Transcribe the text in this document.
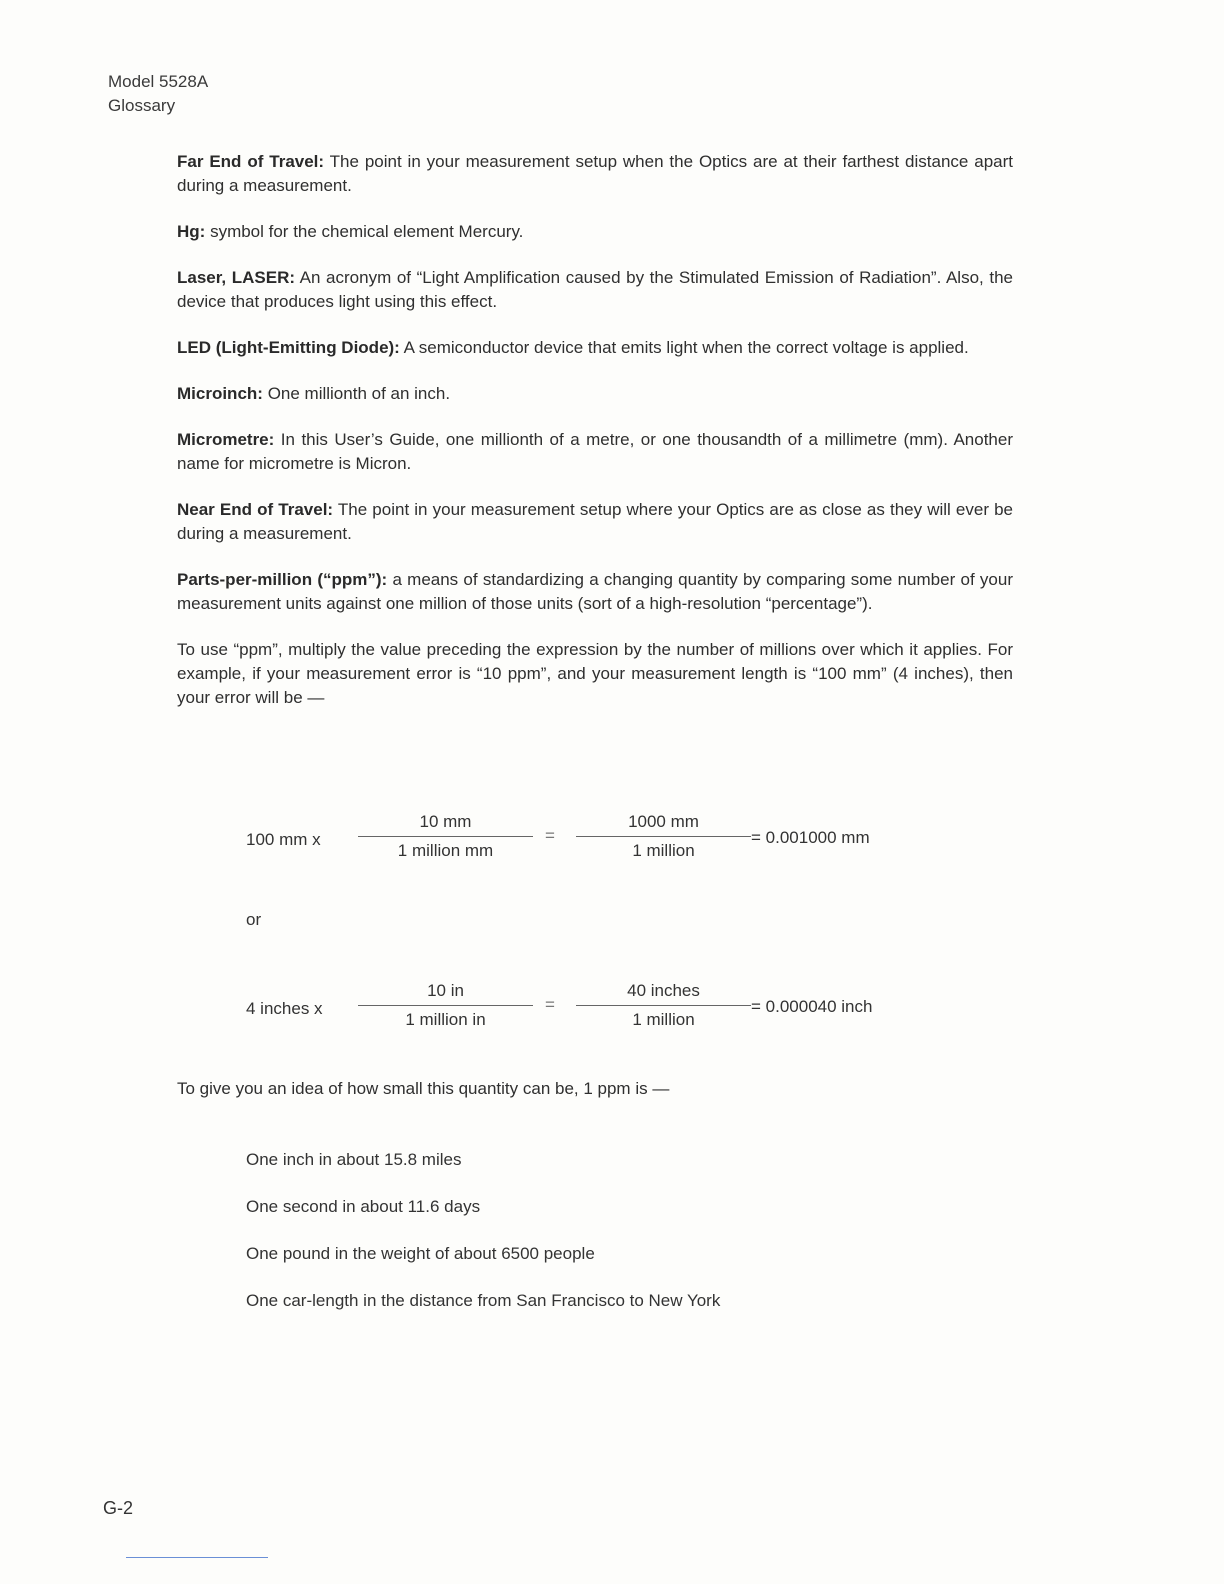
Model 5528A
Glossary

Far End of Travel: The point in your measurement setup when the Optics are at their farthest distance apart during a measurement.

Hg: symbol for the chemical element Mercury.

Laser, LASER: An acronym of “Light Amplification caused by the Stimulated Emission of Radiation”. Also, the device that produces light using this effect.

LED (Light-Emitting Diode): A semiconductor device that emits light when the correct voltage is applied.

Microinch: One millionth of an inch.

Micrometre: In this User’s Guide, one millionth of a metre, or one thousandth of a millimetre (mm). Another name for micrometre is Micron.

Near End of Travel: The point in your measurement setup where your Optics are as close as they will ever be during a measurement.

Parts-per-million (“ppm”): a means of standardizing a changing quantity by comparing some number of your measurement units against one million of those units (sort of a high-resolution “percentage”).

To use “ppm”, multiply the value preceding the expression by the number of millions over which it applies. For example, if your measurement error is “10 ppm”, and your measurement length is “100 mm” (4 inches), then your error will be —

100 mm x
10 mm
1 million mm
=
1000 mm
1 million
= 0.001000 mm
or
4 inches x
10 in
1 million in
=
40 inches
1 million
= 0.000040 inch
To give you an idea of how small this quantity can be, 1 ppm is —
One inch in about 15.8 miles
One second in about 11.6 days
One pound in the weight of about 6500 people
One car-length in the distance from San Francisco to New York
G-2
